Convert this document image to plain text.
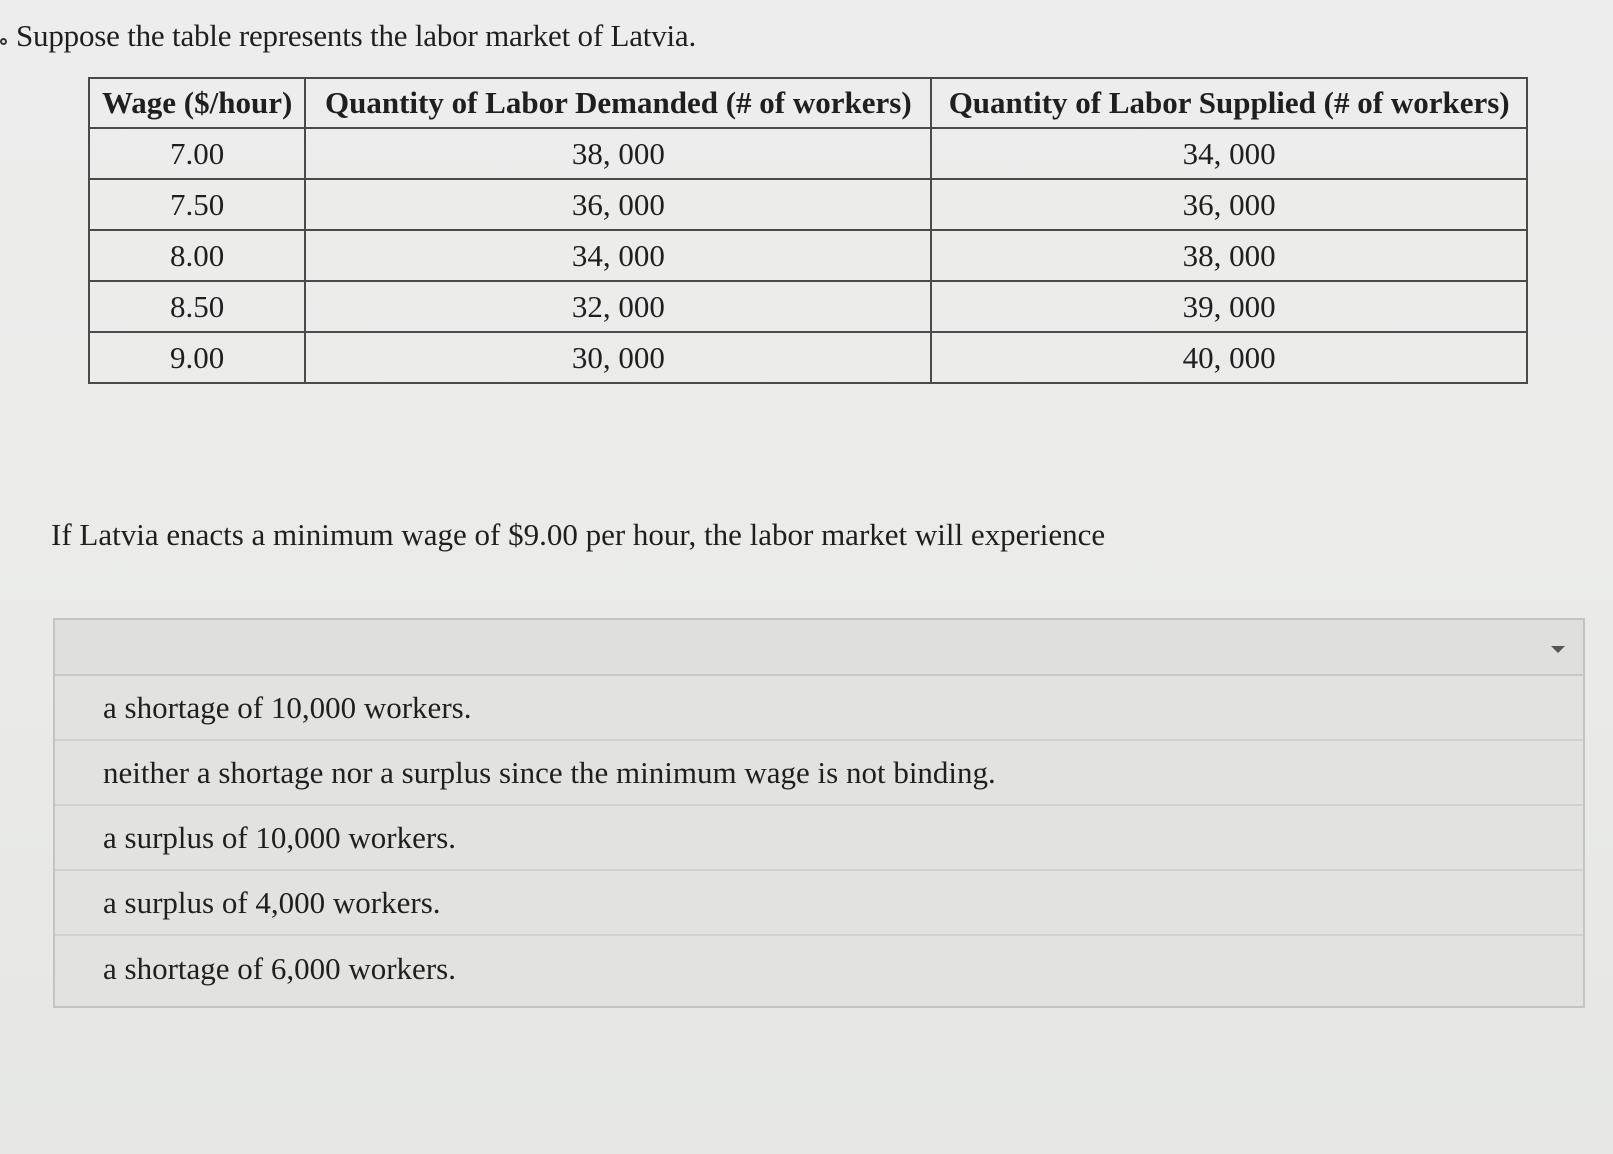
Suppose the table represents the labor market of Latvia.
Wage ($/hour)	Quantity of Labor Demanded (# of workers)	Quantity of Labor Supplied (# of workers)
7.00	38, 000	34, 000
7.50	36, 000	36, 000
8.00	34, 000	38, 000
8.50	32, 000	39, 000
9.00	30, 000	40, 000
If Latvia enacts a minimum wage of $9.00 per hour, the labor market will experience
a shortage of 10,000 workers.
neither a shortage nor a surplus since the minimum wage is not binding.
a surplus of 10,000 workers.
a surplus of 4,000 workers.
a shortage of 6,000 workers.
